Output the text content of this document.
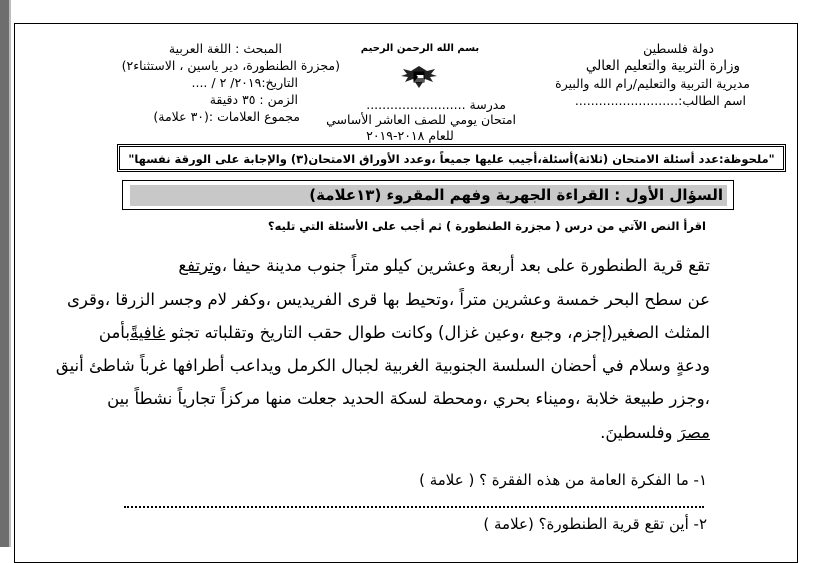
المبحث : اللغة العربية
(مجزرة الطنطورة، دير ياسين ، الاستثناء٢)
التاريخ:٢٠١٩/ ٢ / ....
الزمن : ٣٥ دقيقة
مجموع العلامات :(٣٠ علامة)
بسم الله الرحمن الرحيم
مدرسة .........................
امتحان يومي للصف العاشر الأساسي
للعام ٢٠١٨-٢٠١٩
دولة فلسطين
وزارة التربية والتعليم العالي
مديرية التربية والتعليم/رام الله والبيرة
اسم الطالب:..........................
"ملحوظة:عدد أسئلة الامتحان (ثلاثة)أسئلة،أجيب عليها جميعاً ،وعدد الأوراق الامتحان(٣) والإجابة على الورقة نفسها"
السؤال الأول : القراءة الجهرية وفهم المقروء (١٣علامة)
اقرأ النص الآتي من درس ( مجزرة الطنطورة ) ثم أجب على الأسئلة التي تليه؟
تقع قرية الطنطورة على بعد أربعة وعشرين كيلو متراً جنوب مدينة حيفا ،وترتفع
عن سطح البحر خمسة وعشرين متراً ،وتحيط بها قرى الفريديس ،وكفر لام وجسر الزرقا ،وقرى
المثلث الصغير(إجزم، وجبع ،وعين غزال) وكانت طوال حقب التاريخ وتقلباته تجثو غافيةًبأمن
ودعةٍ وسلام في أحضان السلسة الجنوبية الغربية لجبال الكرمل ويداعب أطرافها غرباً شاطئ أنيق
،وجزر طبيعة خلابة ،وميناء بحري ،ومحطة لسكة الحديد جعلت منها مركزاً تجارياً نشطاً بين
مصرَ وفلسطينَ.
١- ما الفكرة العامة من هذه الفقرة ؟ ( علامة )
٢- أين تقع قرية الطنطورة؟ (علامة )
